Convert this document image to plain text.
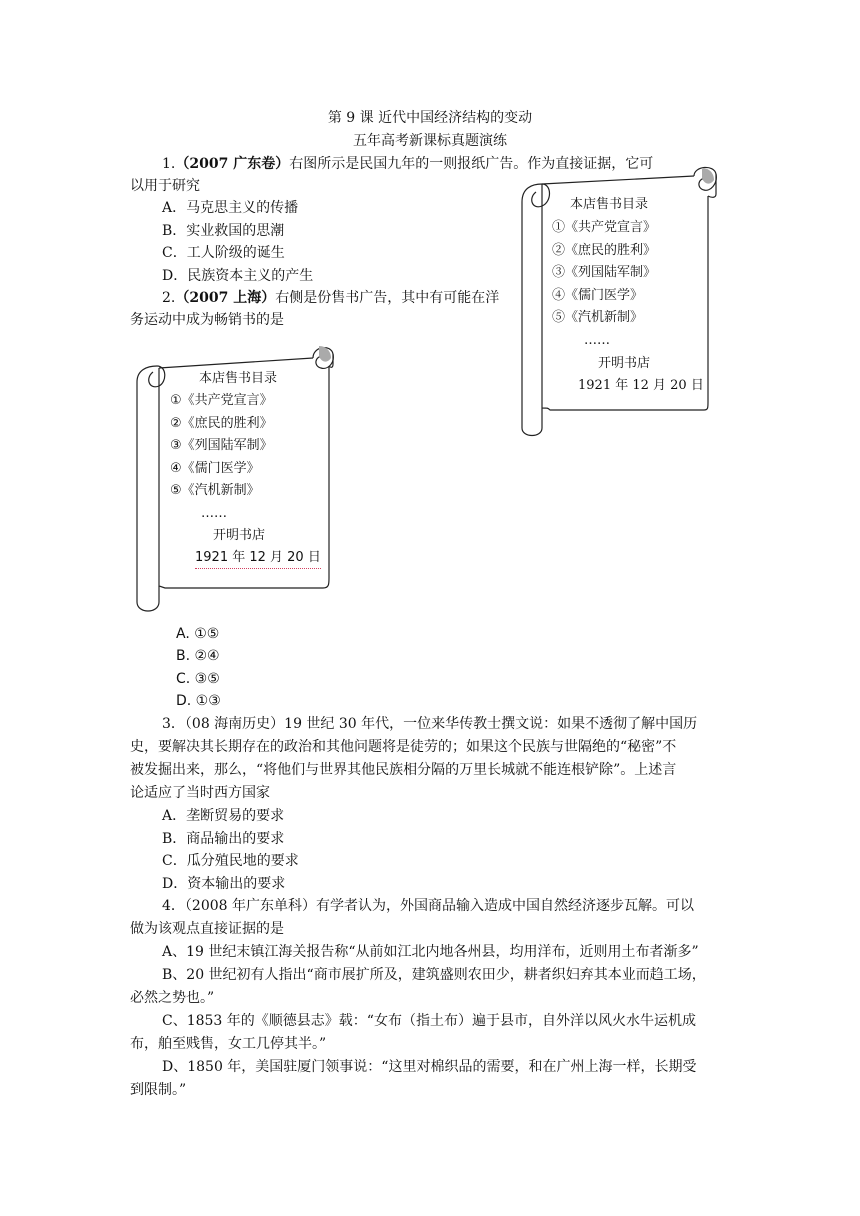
第 9 课 近代中国经济结构的变动
五年高考新课标真题演练
1.（2007 广东卷）右图所示是民国九年的一则报纸广告。作为直接证据，它可
以用于研究
A．马克思主义的传播
B．实业救国的思潮
C．工人阶级的诞生
D．民族资本主义的产生
2.（2007 上海）右侧是份售书广告，其中有可能在洋
务运动中成为畅销书的是
本店售书目录
①《共产党宣言》
②《庶民的胜利》
③《列国陆军制》
④《儒门医学》
⑤《汽机新制》
……
开明书店
1921 年 12 月 20 日
本店售书目录
①《共产党宣言》
②《庶民的胜利》
③《列国陆军制》
④《儒门医学》
⑤《汽机新制》
……
开明书店
1921 年 12 月 20 日
A. ①⑤
B. ②④
C. ③⑤
D. ①③
3．（08 海南历史）19 世纪 30 年代，一位来华传教士撰文说：如果不透彻了解中国历
史，要解决其长期存在的政治和其他问题将是徒劳的；如果这个民族与世隔绝的“秘密”不
被发掘出来，那么，“将他们与世界其他民族相分隔的万里长城就不能连根铲除”。上述言
论适应了当时西方国家
A．垄断贸易的要求
B．商品输出的要求
C．瓜分殖民地的要求
D．资本输出的要求
4．（2008 年广东单科）有学者认为，外国商品输入造成中国自然经济逐步瓦解。可以
做为该观点直接证据的是
A、19 世纪末镇江海关报告称“从前如江北内地各州县，均用洋布，近则用土布者渐多”
B、20 世纪初有人指出“商市展扩所及，建筑盛则农田少，耕者织妇弃其本业而趋工场，
必然之势也。”
C、1853 年的《顺德县志》载：“女布（指土布）遍于县市，自外洋以风火水牛运机成
布，舶至贱售，女工几停其半。”
D、1850 年，美国驻厦门领事说：“这里对棉织品的需要，和在广州上海一样，长期受
到限制。”
